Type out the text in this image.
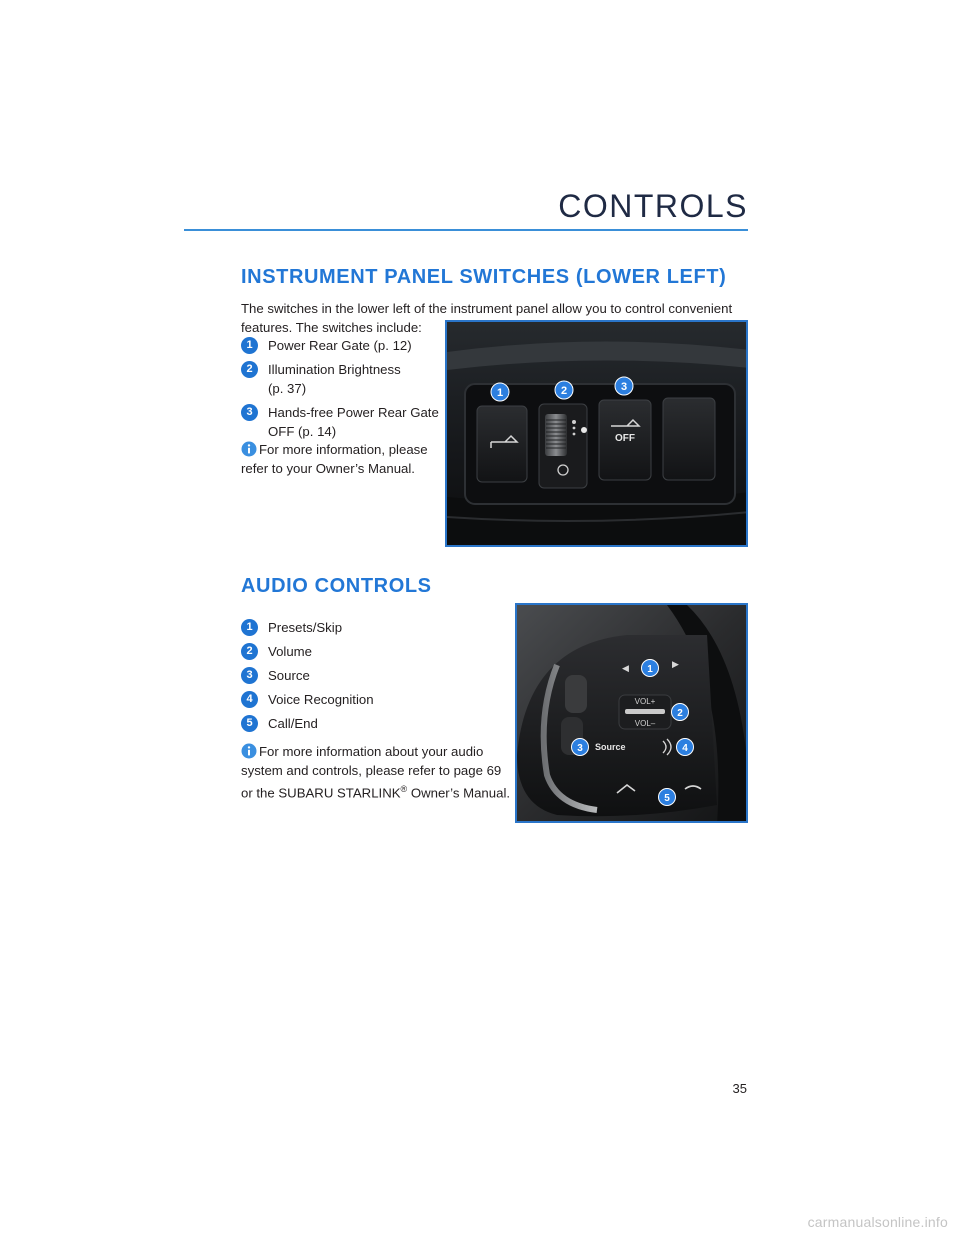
CONTROLS
INSTRUMENT PANEL SWITCHES (LOWER LEFT)
The switches in the lower left of the instrument panel allow you to control convenient
features. The switches include:
1	Power Rear Gate (p. 12)
2	Illumination Brightness
(p. 37)
3	Hands-free Power Rear Gate
OFF (p. 14)
For more information, please
refer to your Owner’s Manual.
OFF
1	2	3
AUDIO CONTROLS
1	Presets/Skip
2	Volume
3	Source
4	Voice Recognition
5	Call/End
For more information about your audio
system and controls, please refer to page 69
or the SUBARU STARLINK® Owner’s Manual.
◀	▶
VOL+
VOL–
Source
1
2
3	4
5
35
carmanualsonline.info
